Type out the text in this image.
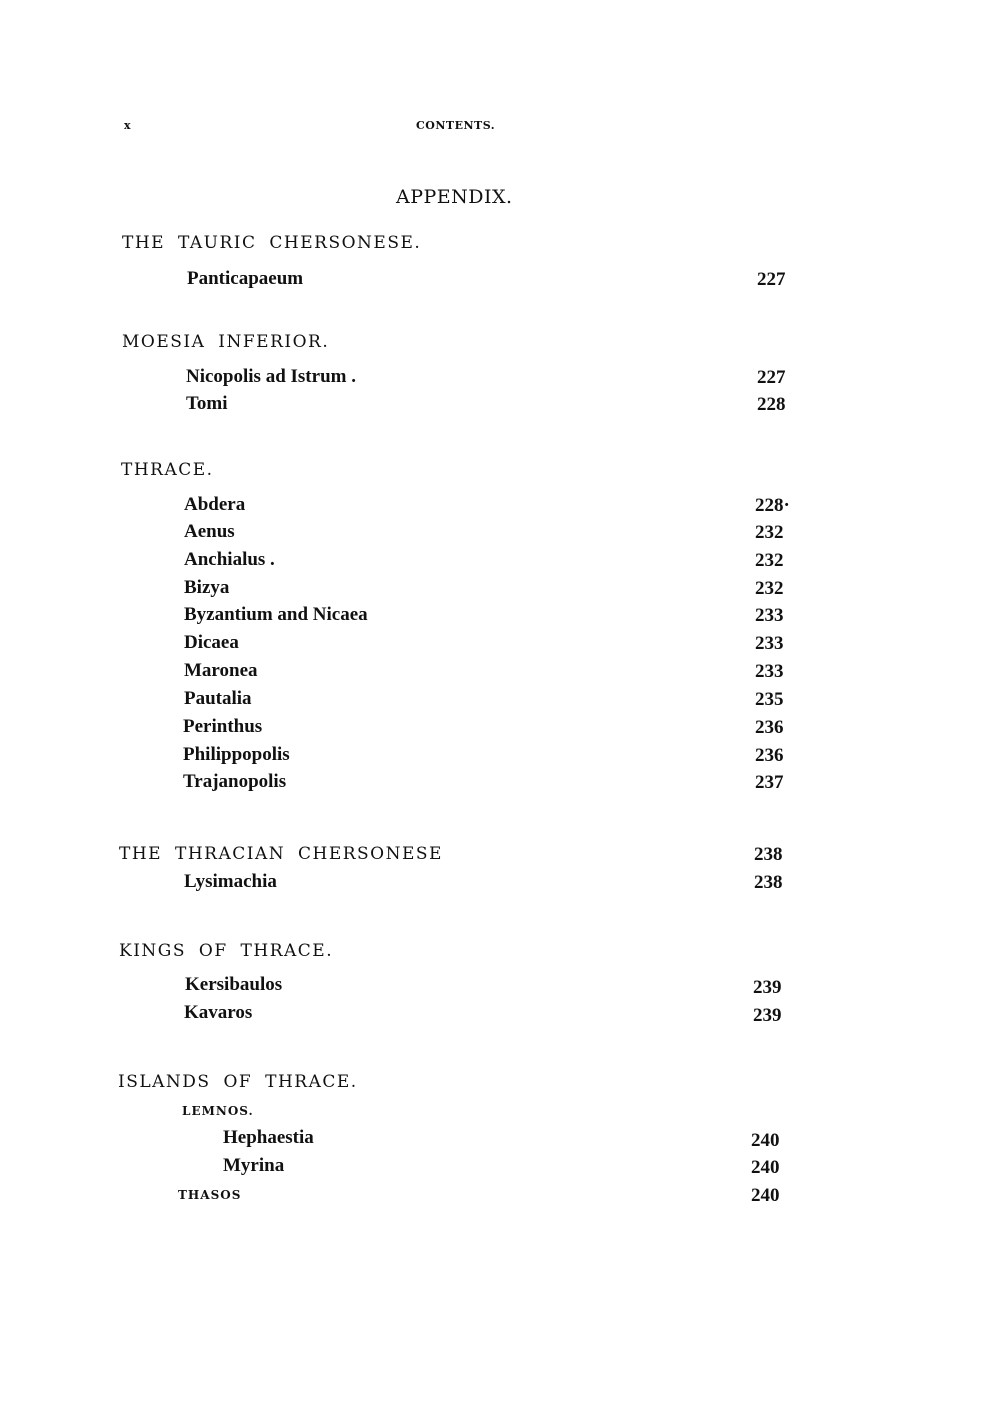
x	CONTENTS.
APPENDIX.
THE TAURIC CHERSONESE.
Panticapaeum	227
MOESIA INFERIOR.
Nicopolis ad Istrum .	227
Tomi	228
THRACE.
Abdera	228·
Aenus	232
Anchialus .	232
Bizya	232
Byzantium and Nicaea	233
Dicaea	233
Maronea	233
Pautalia	235
Perinthus	236
Philippopolis	236
Trajanopolis	237
THE THRACIAN CHERSONESE	238
Lysimachia	238
KINGS OF THRACE.
Kersibaulos	239
Kavaros	239
ISLANDS OF THRACE.
LEMNOS.
Hephaestia	240
Myrina	240
THASOS	240
